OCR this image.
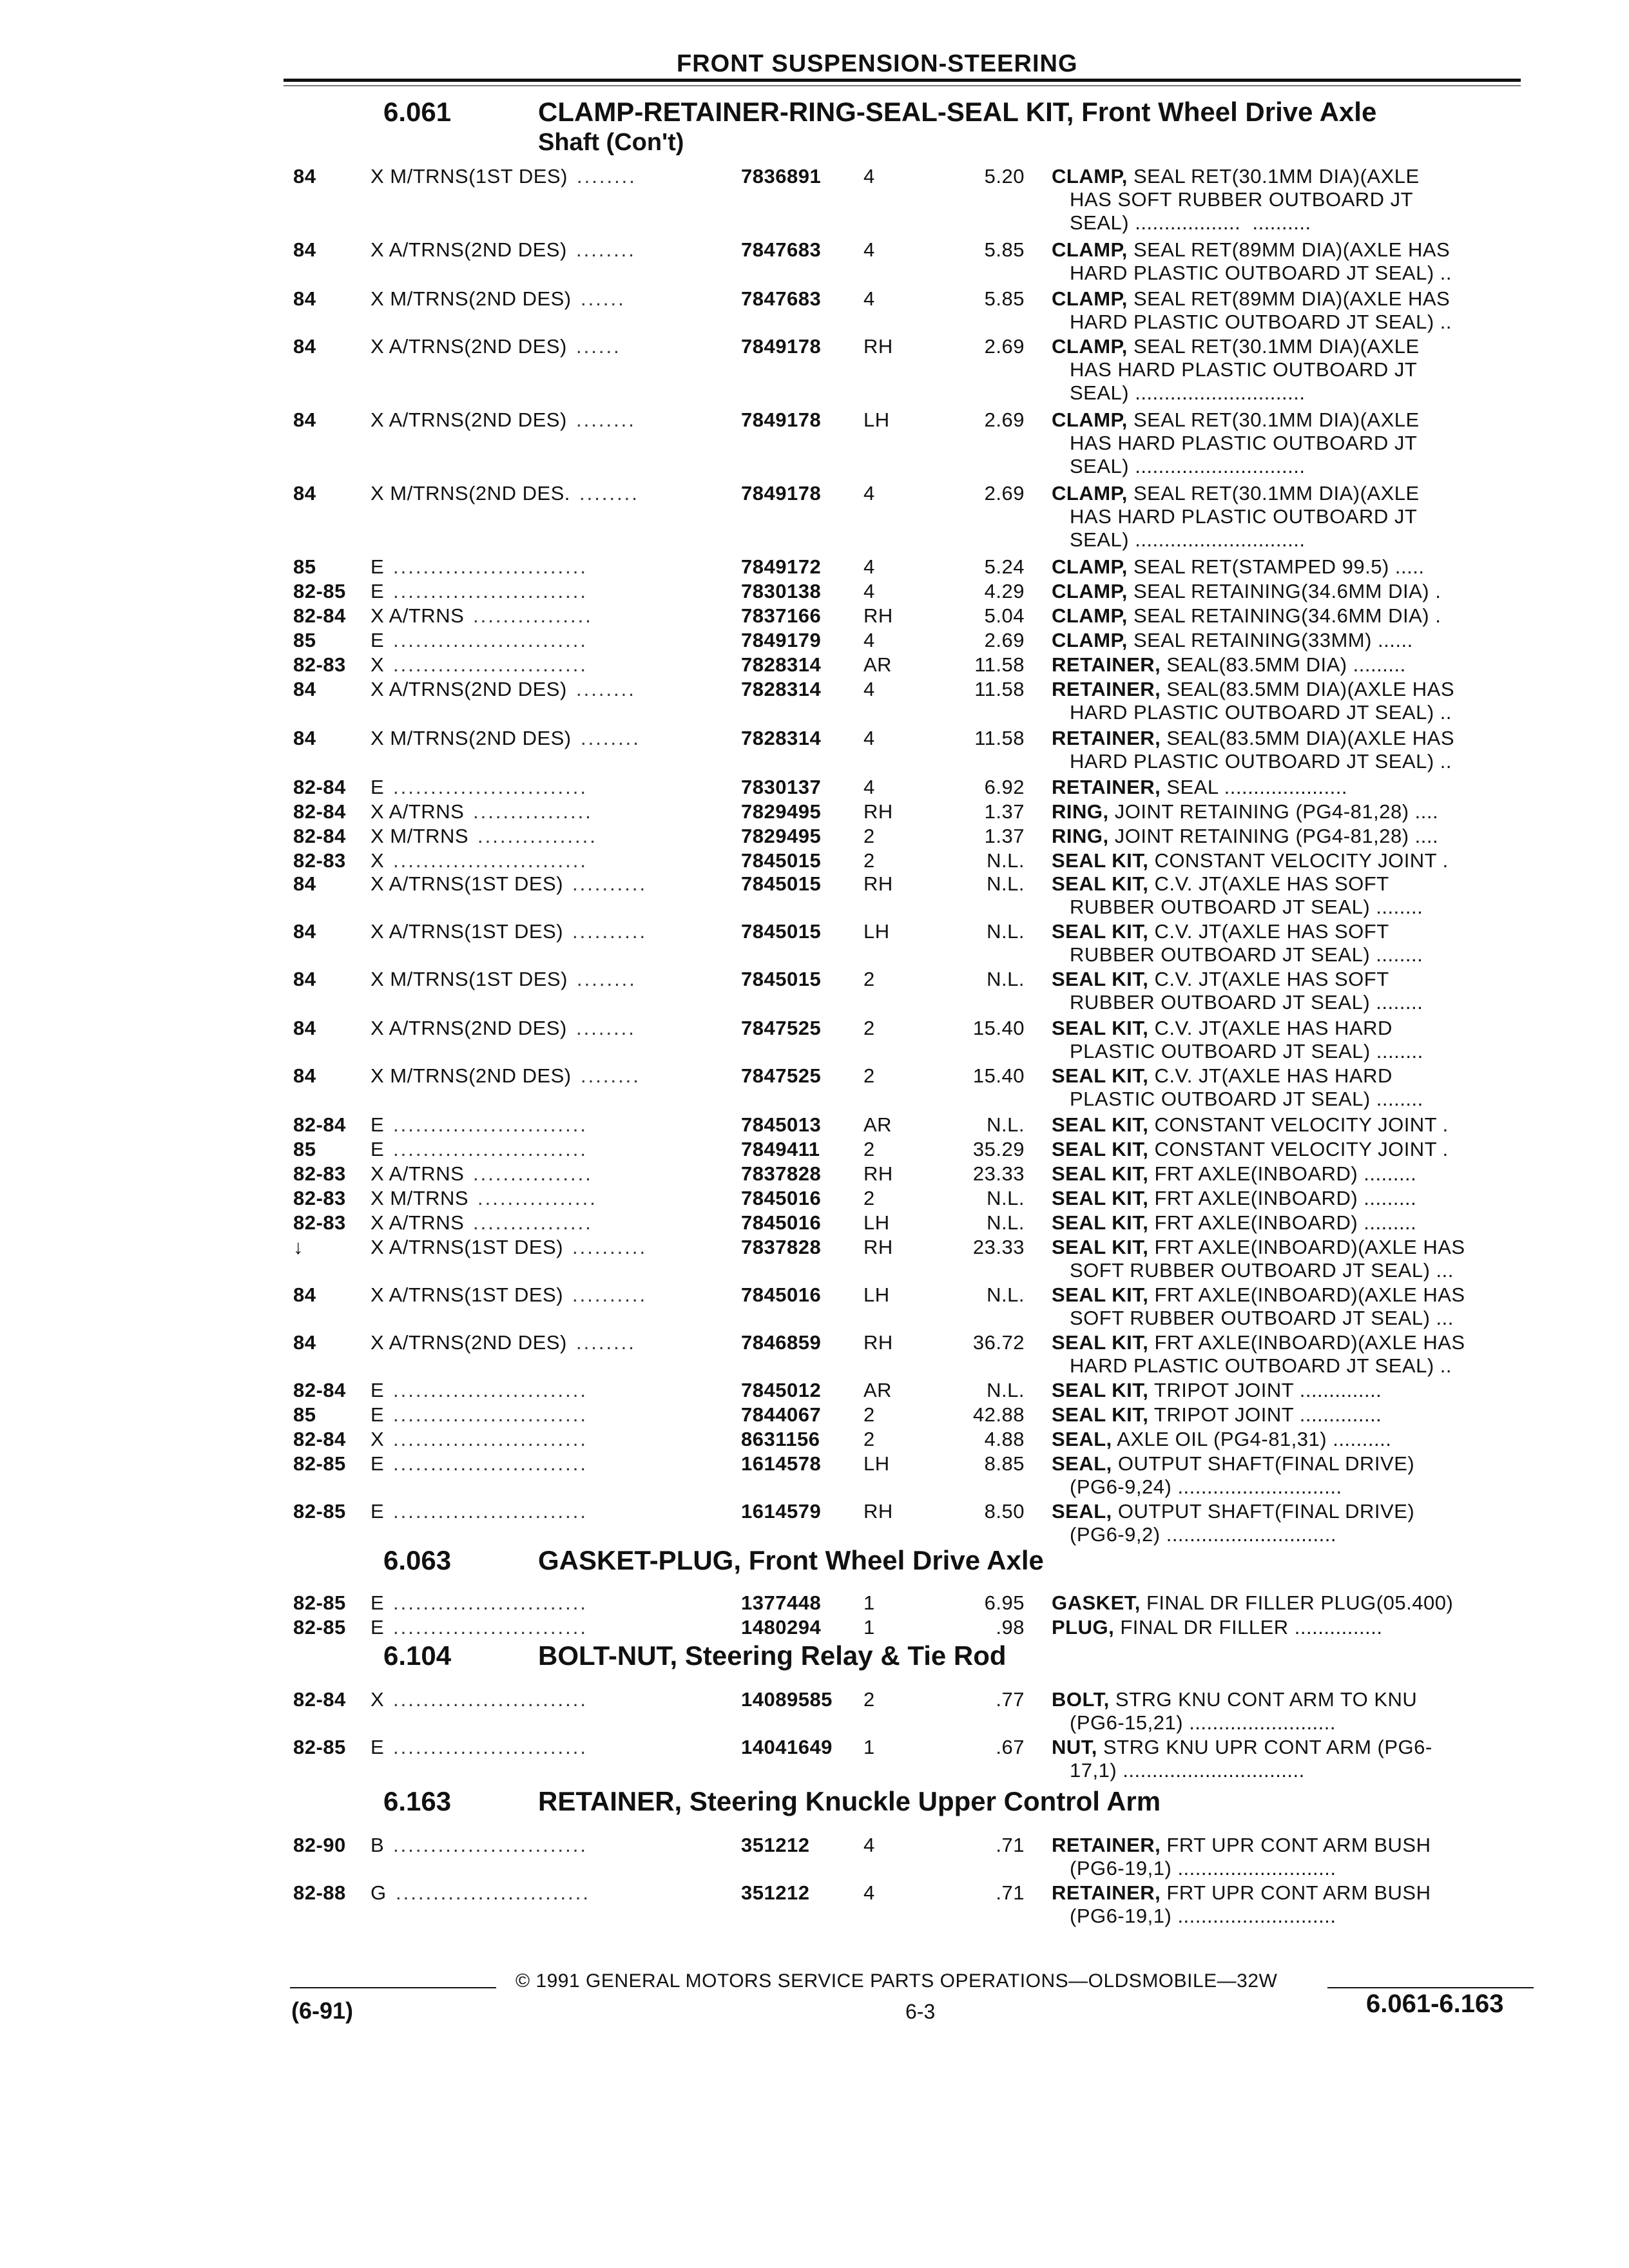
FRONT SUSPENSION-STEERING
6.061	CLAMP-RETAINER-RING-SEAL-SEAL KIT, Front Wheel Drive Axle
Shaft (Con't)
6.063	GASKET-PLUG, Front Wheel Drive Axle
6.104	BOLT-NUT, Steering Relay & Tie Rod
6.163	RETAINER, Steering Knuckle Upper Control Arm
84	X M/TRNS(1ST DES) ........	7836891 4	5.20 CLAMP, SEAL RET(30.1MM DIA)(AXLE
HAS SOFT RUBBER OUTBOARD JT
SEAL) ..................  ..........
84	X A/TRNS(2ND DES) ........	7847683 4	5.85 CLAMP, SEAL RET(89MM DIA)(AXLE HAS
HARD PLASTIC OUTBOARD JT SEAL) ..
84	X M/TRNS(2ND DES) ......	7847683 4	5.85 CLAMP, SEAL RET(89MM DIA)(AXLE HAS
HARD PLASTIC OUTBOARD JT SEAL) ..
84	X A/TRNS(2ND DES) ......	7849178 RH	2.69 CLAMP, SEAL RET(30.1MM DIA)(AXLE
HAS HARD PLASTIC OUTBOARD JT
SEAL) .............................
84	X A/TRNS(2ND DES) ........	7849178 LH	2.69 CLAMP, SEAL RET(30.1MM DIA)(AXLE
HAS HARD PLASTIC OUTBOARD JT
SEAL) .............................
84	X M/TRNS(2ND DES. ........	7849178 4	2.69 CLAMP, SEAL RET(30.1MM DIA)(AXLE
HAS HARD PLASTIC OUTBOARD JT
SEAL) .............................
85	E ..........................	7849172 4	5.24 CLAMP, SEAL RET(STAMPED 99.5) .....
82-85 E ..........................	7830138 4	4.29 CLAMP, SEAL RETAINING(34.6MM DIA) .
82-84 X A/TRNS ................	7837166 RH	5.04 CLAMP, SEAL RETAINING(34.6MM DIA) .
85	E ..........................	7849179 4	2.69 CLAMP, SEAL RETAINING(33MM) ......
82-83 X ..........................	7828314 AR	11.58 RETAINER, SEAL(83.5MM DIA) .........
84	X A/TRNS(2ND DES) ........	7828314 4	11.58 RETAINER, SEAL(83.5MM DIA)(AXLE HAS
HARD PLASTIC OUTBOARD JT SEAL) ..
84	X M/TRNS(2ND DES) ........	7828314 4	11.58 RETAINER, SEAL(83.5MM DIA)(AXLE HAS
HARD PLASTIC OUTBOARD JT SEAL) ..
82-84 E ..........................	7830137 4	6.92 RETAINER, SEAL .....................
82-84 X A/TRNS ................	7829495 RH	1.37 RING, JOINT RETAINING (PG4-81,28) ....
82-84 X M/TRNS ................	7829495 2	1.37 RING, JOINT RETAINING (PG4-81,28) ....
82-83 X ..........................	7845015 2	N.L. SEAL KIT, CONSTANT VELOCITY JOINT .
84	X A/TRNS(1ST DES) ..........	7845015 RH	N.L. SEAL KIT, C.V. JT(AXLE HAS SOFT
RUBBER OUTBOARD JT SEAL) ........
84	X A/TRNS(1ST DES) ..........	7845015 LH	N.L. SEAL KIT, C.V. JT(AXLE HAS SOFT
RUBBER OUTBOARD JT SEAL) ........
84	X M/TRNS(1ST DES) ........	7845015 2	N.L. SEAL KIT, C.V. JT(AXLE HAS SOFT
RUBBER OUTBOARD JT SEAL) ........
84	X A/TRNS(2ND DES) ........	7847525 2	15.40 SEAL KIT, C.V. JT(AXLE HAS HARD
PLASTIC OUTBOARD JT SEAL) ........
84	X M/TRNS(2ND DES) ........	7847525 2	15.40 SEAL KIT, C.V. JT(AXLE HAS HARD
PLASTIC OUTBOARD JT SEAL) ........
82-84 E ..........................	7845013 AR	N.L. SEAL KIT, CONSTANT VELOCITY JOINT .
85	E ..........................	7849411 2	35.29 SEAL KIT, CONSTANT VELOCITY JOINT .
82-83 X A/TRNS ................	7837828 RH	23.33 SEAL KIT, FRT AXLE(INBOARD) .........
82-83 X M/TRNS ................	7845016 2	N.L. SEAL KIT, FRT AXLE(INBOARD) .........
82-83 X A/TRNS ................	7845016 LH	N.L. SEAL KIT, FRT AXLE(INBOARD) .........
↓	X A/TRNS(1ST DES) ..........	7837828 RH	23.33 SEAL KIT, FRT AXLE(INBOARD)(AXLE HAS
SOFT RUBBER OUTBOARD JT SEAL) ...
84	X A/TRNS(1ST DES) ..........	7845016 LH	N.L. SEAL KIT, FRT AXLE(INBOARD)(AXLE HAS
SOFT RUBBER OUTBOARD JT SEAL) ...
84	X A/TRNS(2ND DES) ........	7846859 RH	36.72 SEAL KIT, FRT AXLE(INBOARD)(AXLE HAS
HARD PLASTIC OUTBOARD JT SEAL) ..
82-84 E ..........................	7845012 AR	N.L. SEAL KIT, TRIPOT JOINT ..............
85	E ..........................	7844067 2	42.88 SEAL KIT, TRIPOT JOINT ..............
82-84 X ..........................	8631156 2	4.88 SEAL, AXLE OIL (PG4-81,31) ..........
82-85 E ..........................	1614578 LH	8.85 SEAL, OUTPUT SHAFT(FINAL DRIVE)
(PG6-9,24) ............................
82-85 E ..........................	1614579 RH	8.50 SEAL, OUTPUT SHAFT(FINAL DRIVE)
(PG6-9,2) .............................
82-85 E ..........................	1377448 1	6.95 GASKET, FINAL DR FILLER PLUG(05.400)
82-85 E ..........................	1480294 1	.98 PLUG, FINAL DR FILLER ...............
82-84 X ..........................	14089585 2	.77 BOLT, STRG KNU CONT ARM TO KNU
(PG6-15,21) .........................
82-85 E ..........................	14041649 1	.67 NUT, STRG KNU UPR CONT ARM (PG6-
17,1) ...............................
82-90 B ..........................	351212	4	.71 RETAINER, FRT UPR CONT ARM BUSH
(PG6-19,1) ...........................
82-88 G ..........................	351212	4	.71 RETAINER, FRT UPR CONT ARM BUSH
(PG6-19,1) ...........................
© 1991 GENERAL MOTORS SERVICE PARTS OPERATIONS—OLDSMOBILE—32W
(6-91)	6-3	6.061-6.163
